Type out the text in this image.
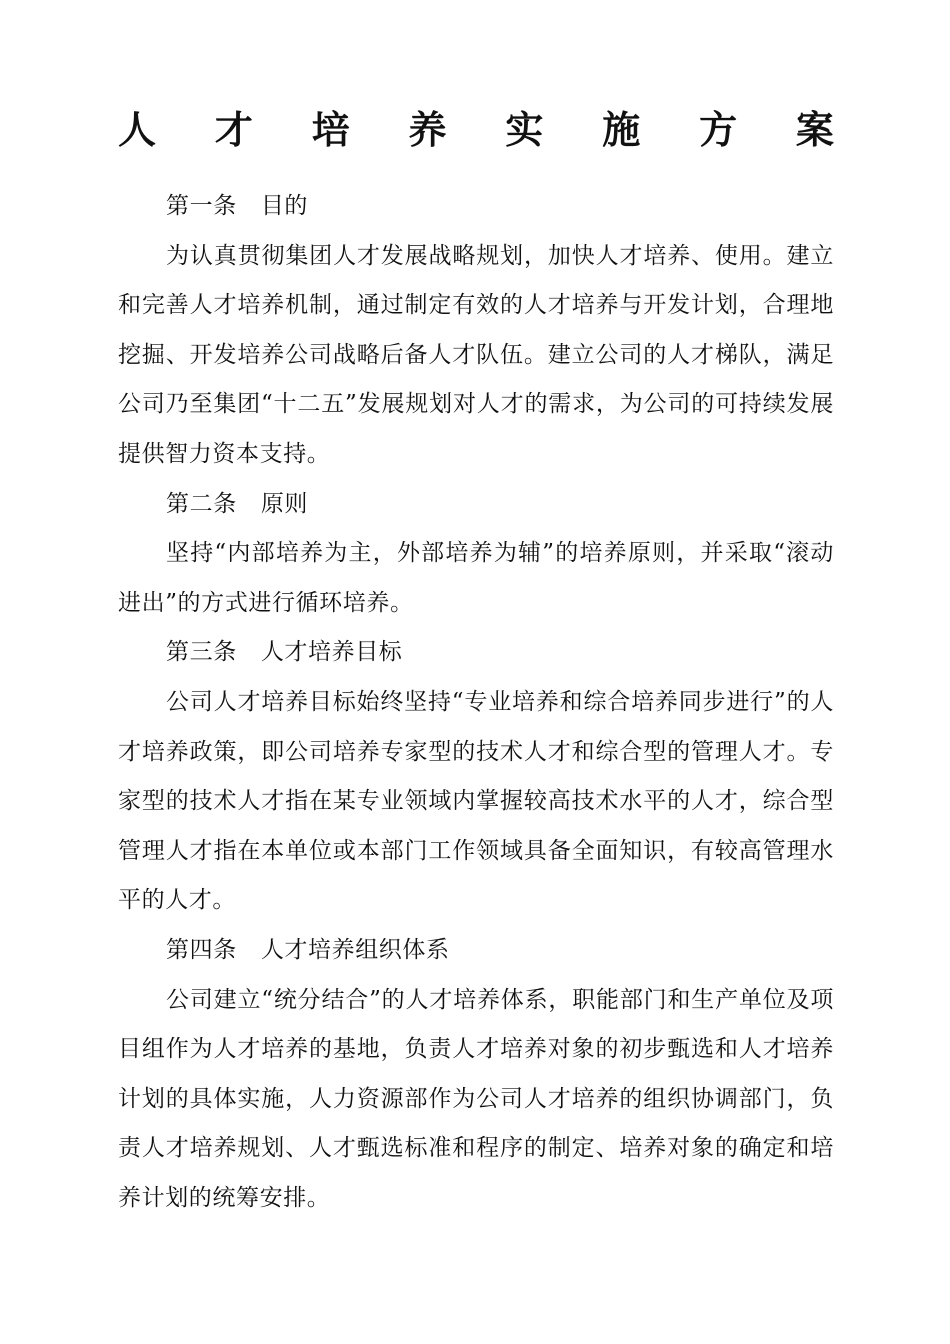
人 才 培 养 实 施 方 案

第一条 目的

为认真贯彻集团人才发展战略规划，加快人才培养、使用。建立和完善人才培养机制，通过制定有效的人才培养与开发计划，合理地挖掘、开发培养公司战略后备人才队伍。建立公司的人才梯队，满足公司乃至集团“十二五”发展规划对人才的需求，为公司的可持续发展提供智力资本支持。

第二条 原则

坚持“内部培养为主，外部培养为辅”的培养原则，并采取“滚动进出”的方式进行循环培养。

第三条 人才培养目标

公司人才培养目标始终坚持“专业培养和综合培养同步进行”的人才培养政策，即公司培养专家型的技术人才和综合型的管理人才。专家型的技术人才指在某专业领域内掌握较高技术水平的人才，综合型管理人才指在本单位或本部门工作领域具备全面知识，有较高管理水平的人才。

第四条 人才培养组织体系

公司建立“统分结合”的人才培养体系，职能部门和生产单位及项目组作为人才培养的基地，负责人才培养对象的初步甄选和人才培养计划的具体实施，人力资源部作为公司人才培养的组织协调部门，负责人才培养规划、人才甄选标准和程序的制定、培养对象的确定和培养计划的统筹安排。
